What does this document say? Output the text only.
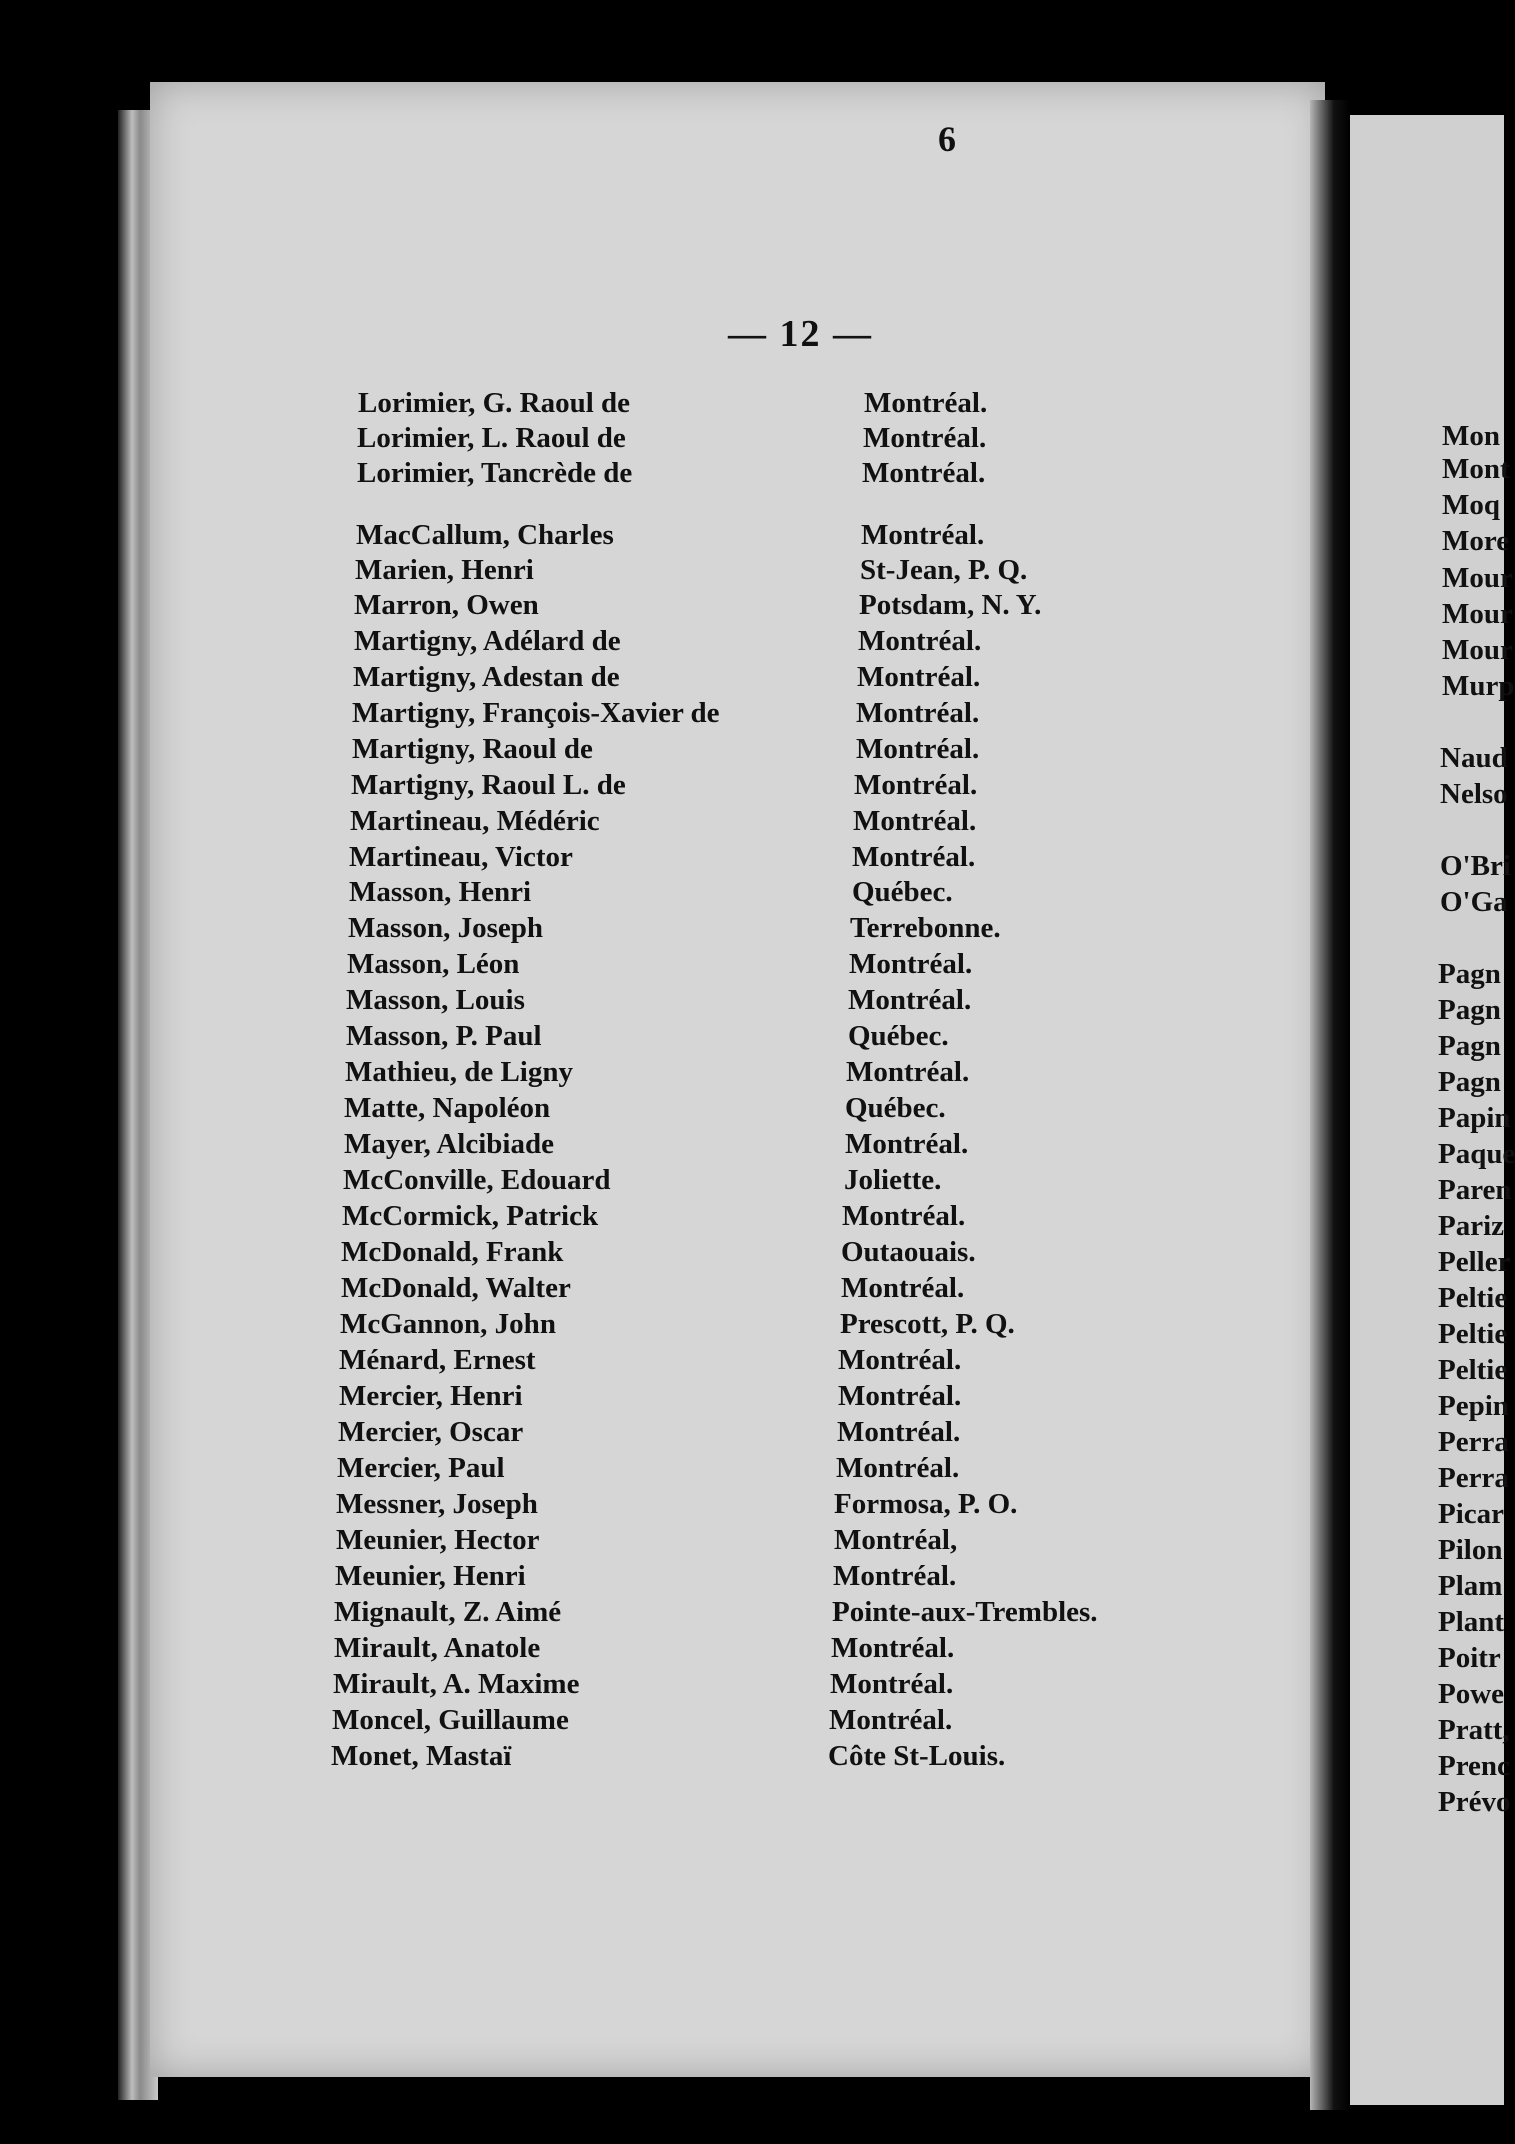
6
— 12 —
Lorimier, G. Raoul de	Montréal.
Lorimier, L. Raoul de	Montréal.
Lorimier, Tancrède de	Montréal.
MacCallum, Charles	Montréal.
Marien, Henri	St-Jean, P. Q.
Marron, Owen	Potsdam, N. Y.
Martigny, Adélard de	Montréal.
Martigny, Adestan de	Montréal.
Martigny, François-Xavier de	Montréal.
Martigny, Raoul de	Montréal.
Martigny, Raoul L. de	Montréal.
Martineau, Médéric	Montréal.
Martineau, Victor	Montréal.
Masson, Henri	Québec.
Masson, Joseph	Terrebonne.
Masson, Léon	Montréal.
Masson, Louis	Montréal.
Masson, P. Paul	Québec.
Mathieu, de Ligny	Montréal.
Matte, Napoléon	Québec.
Mayer, Alcibiade	Montréal.
McConville, Edouard	Joliette.
McCormick, Patrick	Montréal.
McDonald, Frank	Outaouais.
McDonald, Walter	Montréal.
McGannon, John	Prescott, P. Q.
Ménard, Ernest	Montréal.
Mercier, Henri	Montréal.
Mercier, Oscar	Montréal.
Mercier, Paul	Montréal.
Messner, Joseph	Formosa, P. O.
Meunier, Hector	Montréal,
Meunier, Henri	Montréal.
Mignault, Z. Aimé	Pointe-aux-Trembles.
Mirault, Anatole	Montréal.
Mirault, A. Maxime	Montréal.
Moncel, Guillaume	Montréal.
Monet, Mastaï	Côte St-Louis.
Mon
Mont
Moq
More
Mour
Mour
Mour
Murp
Naud
Nelso
O'Bri
O'Ga
Pagn
Pagn
Pagn
Pagn
Papin
Paque
Paren
Pariz
Peller
Peltie
Peltie
Peltie
Pepin
Perra
Perra
Picar
Pilon
Plam
Plant
Poitr
Powe
Pratt,
Prenc
Prévo
